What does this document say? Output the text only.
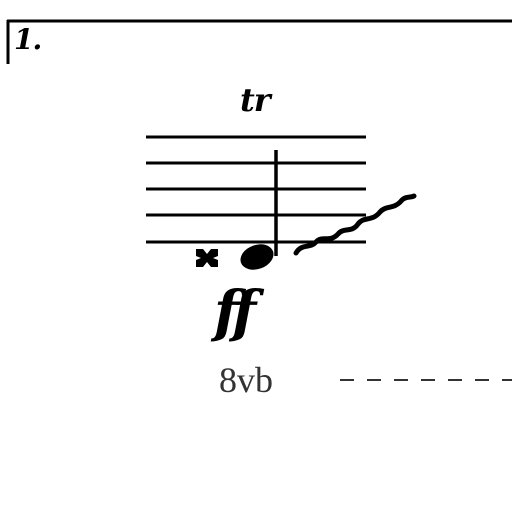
1.
tr
ff
8vb
